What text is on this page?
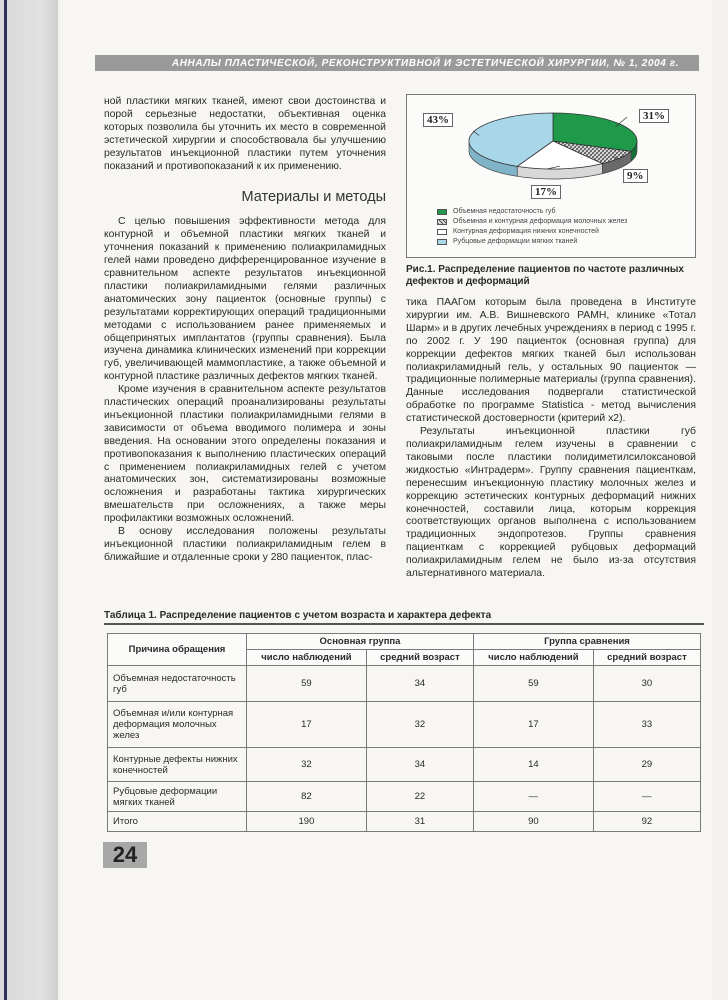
АННАЛЫ ПЛАСТИЧЕСКОЙ, РЕКОНСТРУКТИВНОЙ И ЭСТЕТИЧЕСКОЙ ХИРУРГИИ, № 1, 2004 г.

ной пластики мягких тканей, имеют свои достоинства и порой серьезные недостатки, объективная оценка которых позволила бы уточнить их место в современной эстетической хирургии и способствовала бы улучшению результатов инъекционной пластики путем уточнения показаний и противопоказаний к их применению.

Материалы и методы

С целью повышения эффективности метода для контурной и объемной пластики мягких тканей и уточнения показаний к применению полиакриламидных гелей нами проведено дифференцированное изучение в сравнительном аспекте результатов инъекционной пластики полиакриламидными гелями различных анатомических зону пациенток (основные группы) с результатами корректирующих операций традиционными методами с использованием ранее применяемых и общепринятых имплантатов (группы сравнения). Была изучена динамика клинических изменений при коррекции губ, увеличивающей маммопластике, а также объемной и контурной пластике различных дефектов мягких тканей.

Кроме изучения в сравнительном аспекте результатов пластических операций проанализированы результаты инъекционной пластики полиакриламидными гелями в зависимости от объема вводимого полимера и зоны введения. На основании этого определены показания и противопоказания к выполнению пластических операций с применением полиакриламидных гелей с учетом анатомических зон, систематизированы возможные осложнения и разработаны тактика хирургических вмешательств при осложнениях, а также меры профилактики возможных осложнений.

В основу исследования положены результаты инъекционной пластики полиакриламидным гелем в ближайшие и отдаленные сроки у 280 пациенток, плас-

31%
9%
17%
43%
Объемная недостаточность губ
Объемная и контурная деформация молочных желез
Контурная деформация нижних конечностей
Рубцовые деформации мягких тканей
Рис.1. Распределение пациентов по частоте различных дефектов и деформаций

тика ПААГом которым была проведена в Институте хирургии им. А.В. Вишневского РАМН, клинике «Тотал Шарм» и в других лечебных учреждениях в период с 1995 г. по 2002 г. У 190 пациенток (основная группа) для коррекции дефектов мягких тканей был использован полиакриламидный гель, у остальных 90 пациенток — традиционные полимерные материалы (группа сравнения). Данные исследования подвергали статистической обработке по программе Statistica - метод вычисления статистической достоверности (критерий х2).

Результаты инъекционной пластики губ полиакриламидным гелем изучены в сравнении с таковыми после пластики полидиметилсилоксановой жидкостью «Интрадерм». Группу сравнения пациенткам, перенесшим инъекционную пластику молочных желез и коррекцию эстетических контурных деформаций нижних конечностей, составили лица, которым коррекция соответствующих органов выполнена с использованием традиционных эндопротезов. Группы сравнения пациенткам с коррекцией рубцовых деформаций полиакриламидным гелем не было из-за отсутствия альтернативного материала.

Таблица 1. Распределение пациентов с учетом возраста и характера дефекта
Причина обращения	Основная группа		Группа сравнения	
	число наблюдений	средний возраст	число наблюдений	средний возраст
Объемная недостаточность губ	59	34	59	30
Объемная и/или контурная деформация молочных желез	17	32	17	33
Контурные дефекты нижних конечностей	32	34	14	29
Рубцовые деформации мягких тканей	82	22	—	—
Итого	190	31	90	92
24
